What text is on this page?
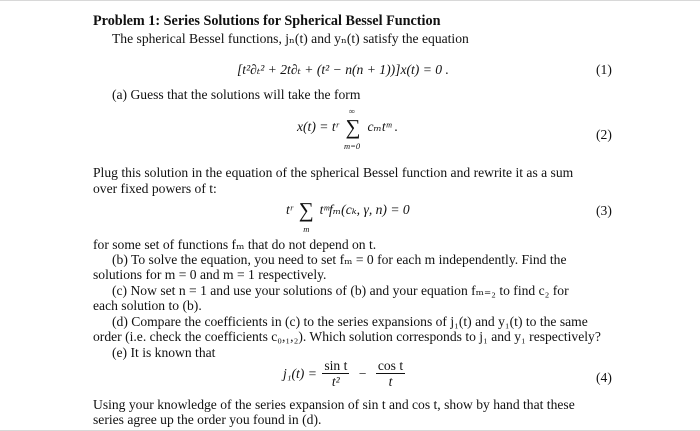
Problem 1: Series Solutions for Spherical Bessel Function
The spherical Bessel functions, jₙ(t) and yₙ(t) satisfy the equation
[t²∂ₜ² + 2t∂ₜ + (t² − n(n + 1))]x(t) = 0 .	(1)
(a) Guess that the solutions will take the form
x(t) = tʳ
∞
∑
m=0
cₘtᵐ .
(2)
Plug this solution in the equation of the spherical Bessel function and rewrite it as a sum
over fixed powers of t:
tʳ ∑
m
tᵐfₘ(cₖ, γ, n) = 0	(3)
for some set of functions fₘ that do not depend on t.
(b) To solve the equation, you need to set fₘ = 0 for each m independently. Find the
solutions for m = 0 and m = 1 respectively.
(c) Now set n = 1 and use your solutions of (b) and your equation fₘ₌₂ to find c₂ for
each solution to (b).
(d) Compare the coefficients in (c) to the series expansions of j₁(t) and y₁(t) to the same
order (i.e. check the coefficients c₀,₁,₂). Which solution corresponds to j₁ and y₁ respectively?
(e) It is known that
$j_1(t) = \frac{\text{sin t}}{\text{t²}} - \frac{\text{cos t}}{t}$	(4)
Using your knowledge of the series expansion of sin t and cos t, show by hand that these
series agree up the order you found in (d).
